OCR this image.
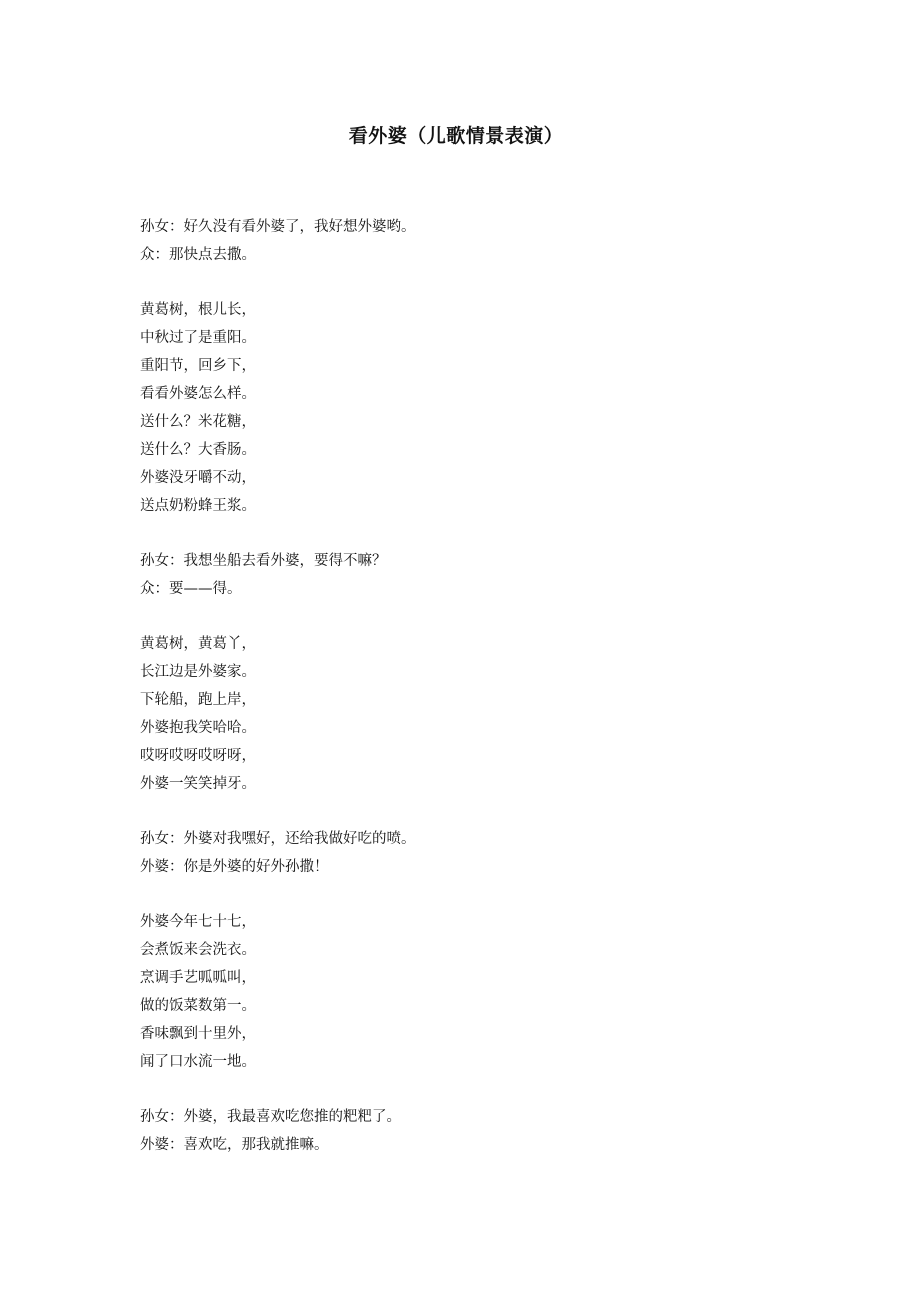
看外婆（儿歌情景表演）
孙女：好久没有看外婆了，我好想外婆哟。
众：那快点去撒。
黄葛树，根儿长，
中秋过了是重阳。
重阳节，回乡下，
看看外婆怎么样。
送什么？米花糖，
送什么？大香肠。
外婆没牙嚼不动，
送点奶粉蜂王浆。
孙女：我想坐船去看外婆，要得不嘛？
众：要——得。
黄葛树，黄葛丫，
长江边是外婆家。
下轮船，跑上岸，
外婆抱我笑哈哈。
哎呀哎呀哎呀呀，
外婆一笑笑掉牙。
孙女：外婆对我嘿好，还给我做好吃的喷。
外婆：你是外婆的好外孙撒！
外婆今年七十七，
会煮饭来会洗衣。
烹调手艺呱呱叫，
做的饭菜数第一。
香味飘到十里外，
闻了口水流一地。
孙女：外婆，我最喜欢吃您推的粑粑了。
外婆：喜欢吃，那我就推嘛。
